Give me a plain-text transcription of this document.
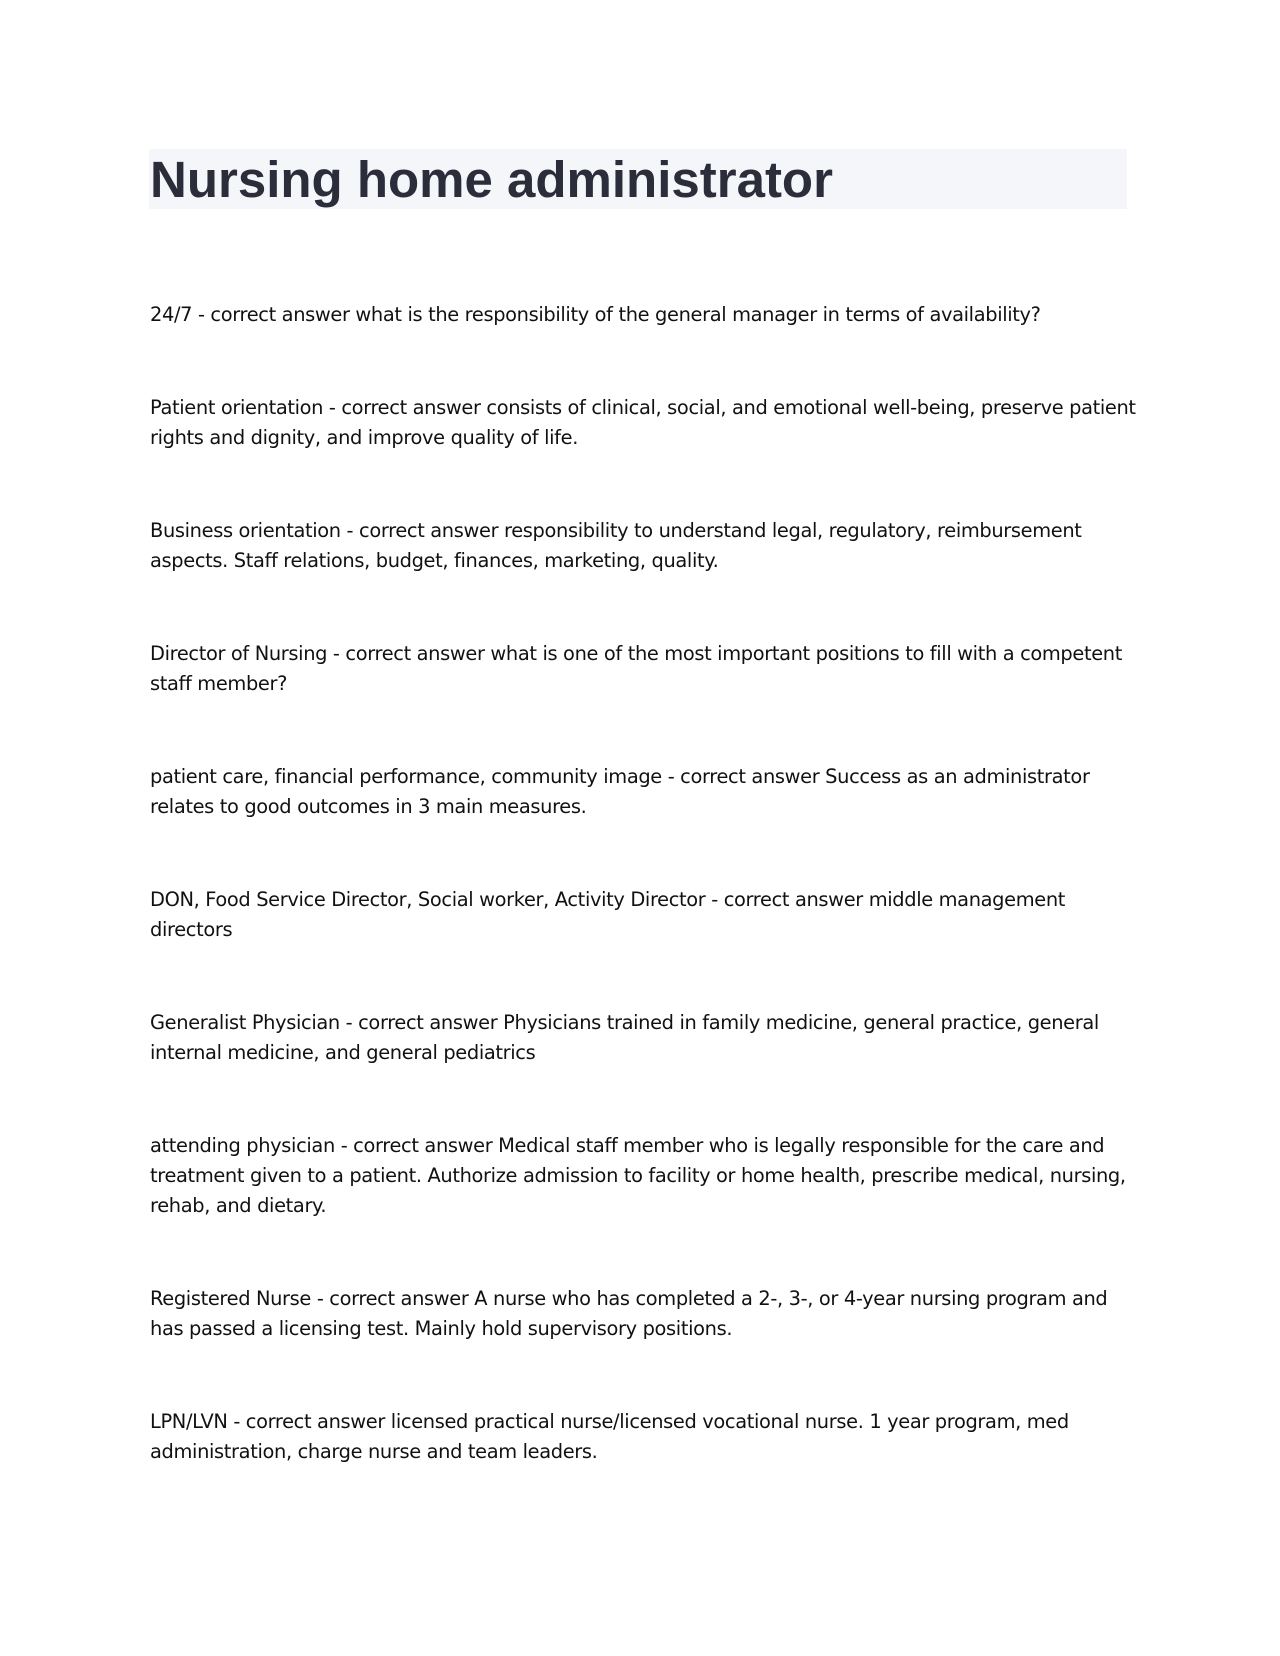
Nursing home administrator

24/7 - correct answer what is the responsibility of the general manager in terms of availability?

Patient orientation - correct answer consists of clinical, social, and emotional well-being, preserve patient rights and dignity, and improve quality of life.

Business orientation - correct answer responsibility to understand legal, regulatory, reimbursement aspects. Staff relations, budget, finances, marketing, quality.

Director of Nursing - correct answer what is one of the most important positions to fill with a competent staff member?

patient care, financial performance, community image - correct answer Success as an administrator relates to good outcomes in 3 main measures.

DON, Food Service Director, Social worker, Activity Director - correct answer middle management directors

Generalist Physician - correct answer Physicians trained in family medicine, general practice, general internal medicine, and general pediatrics

attending physician - correct answer Medical staff member who is legally responsible for the care and treatment given to a patient. Authorize admission to facility or home health, prescribe medical, nursing, rehab, and dietary.

Registered Nurse - correct answer A nurse who has completed a 2-, 3-, or 4-year nursing program and has passed a licensing test. Mainly hold supervisory positions.

LPN/LVN - correct answer licensed practical nurse/licensed vocational nurse. 1 year program, med administration, charge nurse and team leaders.
